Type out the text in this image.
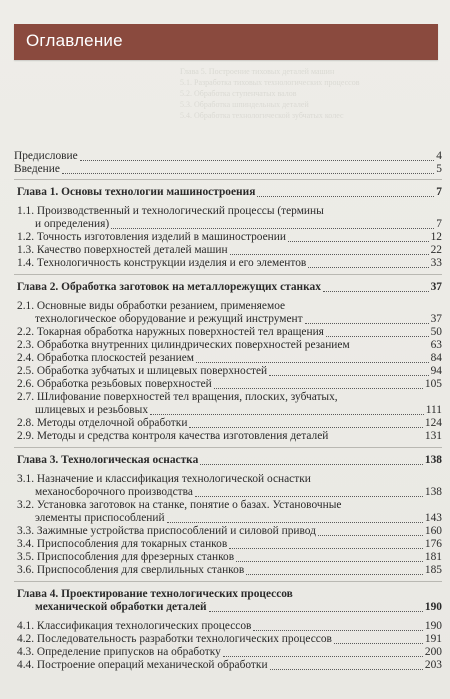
Оглавление
Глава 5. Построение тиховых деталей машин
5.1. Разработка тиховых технологических процессов
5.2. Обработка ступенчатых валов
5.3. Обработка шпиндельных деталей
5.4. Обработка технологической зубчатых колес
Предисловие	4
Введение	5
Глава 1. Основы технологии машиностроения	7
1.1. Производственный и технологический процессы (термины
и определения)	7
1.2. Точность изготовления изделий в машиностроении	12
1.3. Качество поверхностей деталей машин	22
1.4. Технологичность конструкции изделия и его элементов	33
Глава 2. Обработка заготовок на металлорежущих станках	37
2.1. Основные виды обработки резанием, применяемое
технологическое оборудование и режущий инструмент	37
2.2. Токарная обработка наружных поверхностей тел вращения	50
2.3. Обработка внутренних цилиндрических поверхностей резанием	63
2.4. Обработка плоскостей резанием	84
2.5. Обработка зубчатых и шлицевых поверхностей	94
2.6. Обработка резьбовых поверхностей	105
2.7. Шлифование поверхностей тел вращения, плоских, зубчатых,
шлицевых и резьбовых	111
2.8. Методы отделочной обработки	124
2.9. Методы и средства контроля качества изготовления деталей	131
Глава 3. Технологическая оснастка	138
3.1. Назначение и классификация технологической оснастки
механосборочного производства	138
3.2. Установка заготовок на станке, понятие о базах. Установочные
элементы приспособлений	143
3.3. Зажимные устройства приспособлений и силовой привод	160
3.4. Приспособления для токарных станков	176
3.5. Приспособления для фрезерных станков	181
3.6. Приспособления для сверлильных станков	185
Глава 4. Проектирование технологических процессов
механической обработки деталей	190
4.1. Классификация технологических процессов	190
4.2. Последовательность разработки технологических процессов	191
4.3. Определение припусков на обработку	200
4.4. Построение операций механической обработки	203
